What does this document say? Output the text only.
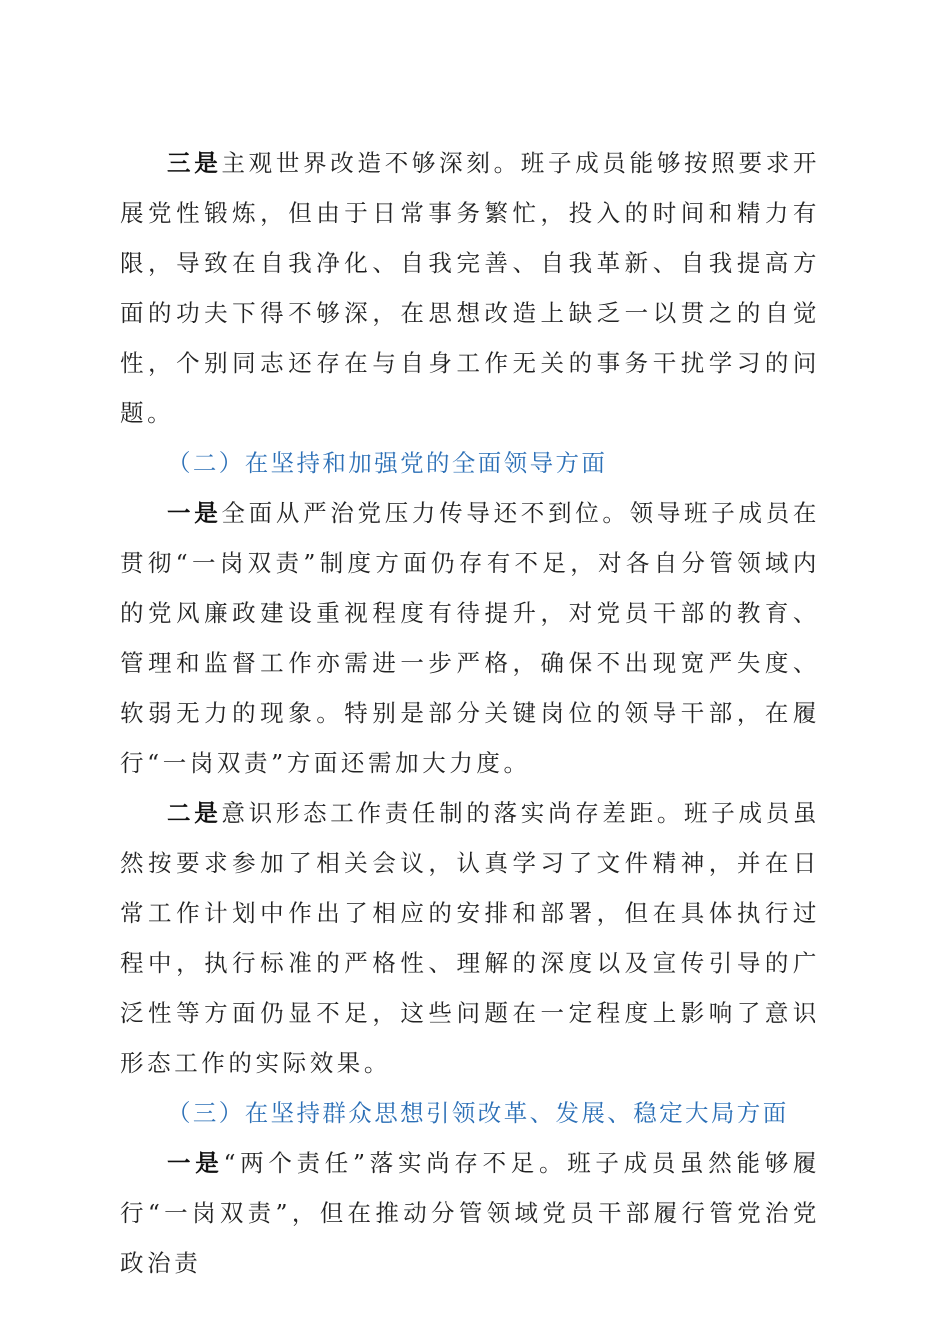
三是主观世界改造不够深刻。班子成员能够按照要求开展党性锻炼，但由于日常事务繁忙，投入的时间和精力有限，导致在自我净化、自我完善、自我革新、自我提高方面的功夫下得不够深，在思想改造上缺乏一以贯之的自觉性，个别同志还存在与自身工作无关的事务干扰学习的问题。

（二）在坚持和加强党的全面领导方面

一是全面从严治党压力传导还不到位。领导班子成员在贯彻“一岗双责”制度方面仍存有不足，对各自分管领域内的党风廉政建设重视程度有待提升，对党员干部的教育、管理和监督工作亦需进一步严格，确保不出现宽严失度、软弱无力的现象。特别是部分关键岗位的领导干部，在履行“一岗双责”方面还需加大力度。

二是意识形态工作责任制的落实尚存差距。班子成员虽然按要求参加了相关会议，认真学习了文件精神，并在日常工作计划中作出了相应的安排和部署，但在具体执行过程中，执行标准的严格性、理解的深度以及宣传引导的广泛性等方面仍显不足，这些问题在一定程度上影响了意识形态工作的实际效果。

（三）在坚持群众思想引领改革、发展、稳定大局方面

一是“两个责任”落实尚存不足。班子成员虽然能够履行“一岗双责”，但在推动分管领域党员干部履行管党治党政治责
